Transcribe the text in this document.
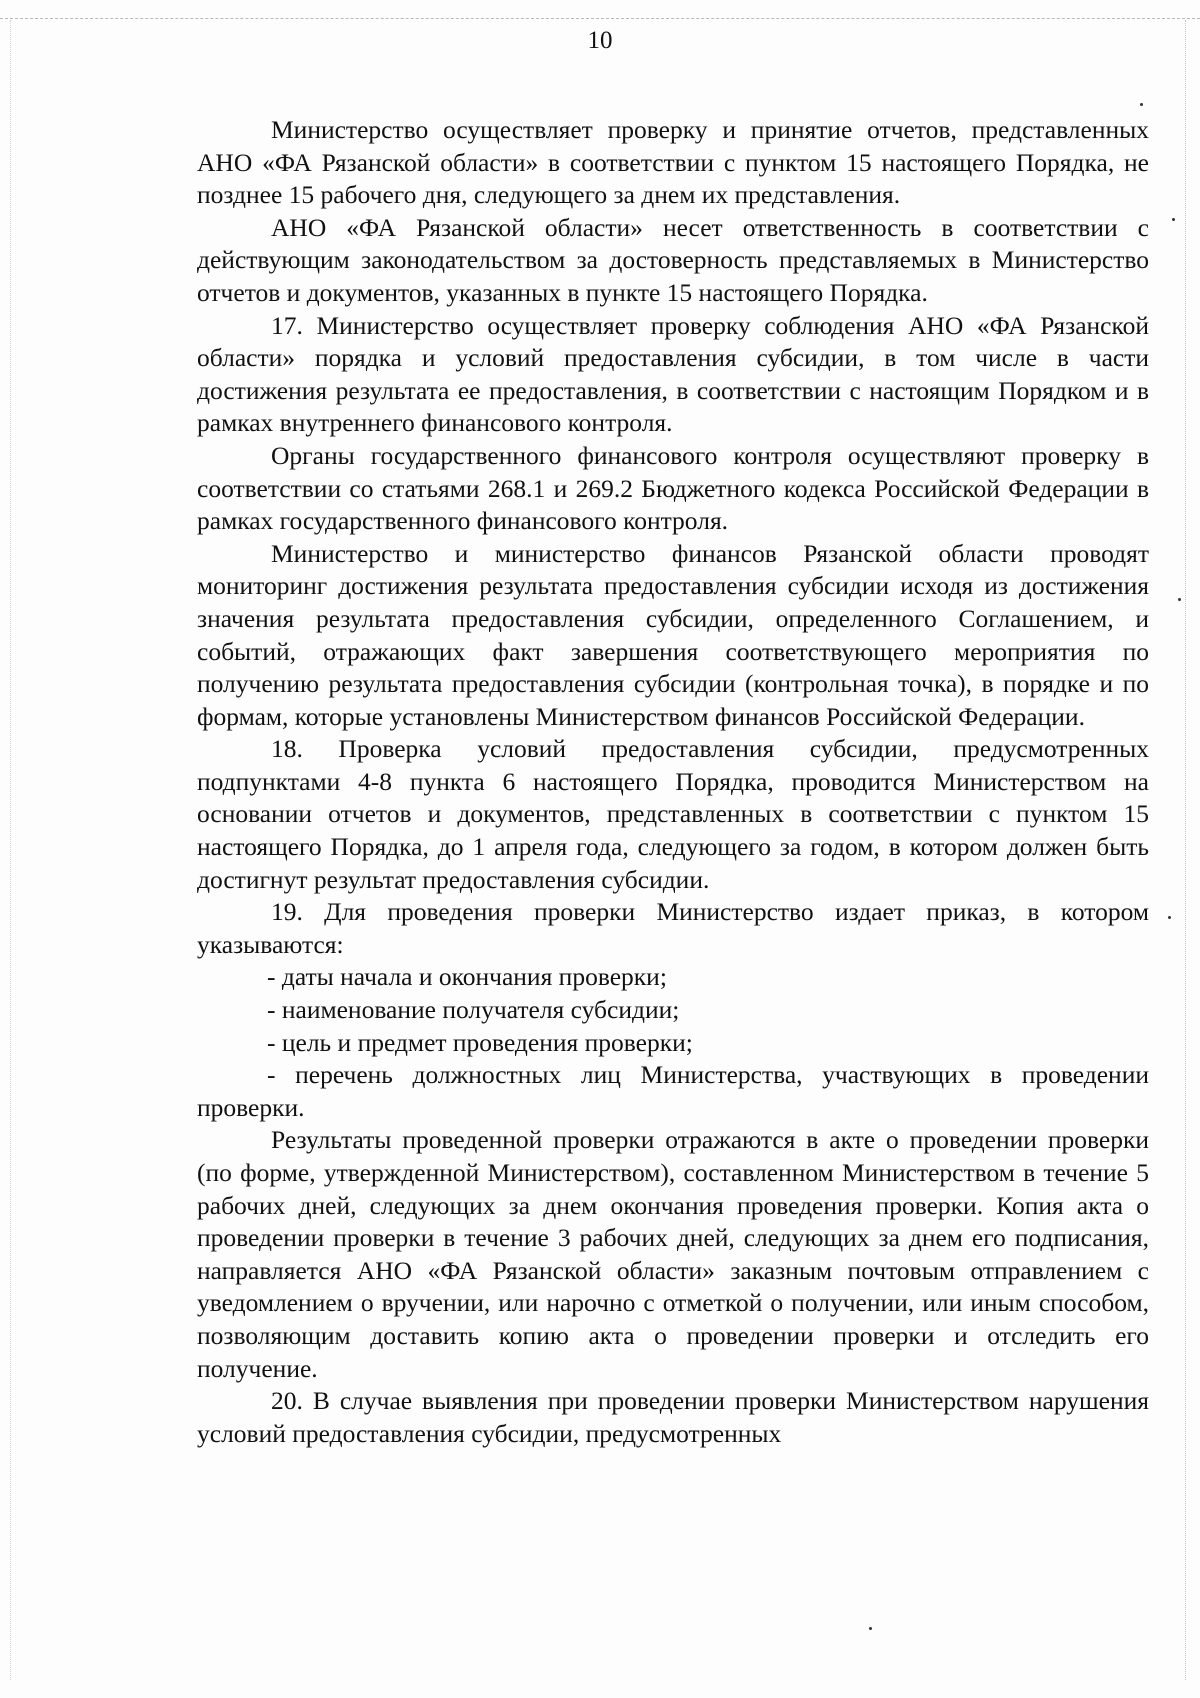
10

Министерство осуществляет проверку и принятие отчетов, представленных АНО «ФА Рязанской области» в соответствии с пунктом 15 настоящего Порядка, не позднее 15 рабочего дня, следующего за днем их представления.

АНО «ФА Рязанской области» несет ответственность в соответствии с действующим законодательством за достоверность представляемых в Министерство отчетов и документов, указанных в пункте 15 настоящего Порядка.

17. Министерство осуществляет проверку соблюдения АНО «ФА Рязанской области» порядка и условий предоставления субсидии, в том числе в части достижения результата ее предоставления, в соответствии с настоящим Порядком и в рамках внутреннего финансового контроля.

Органы государственного финансового контроля осуществляют проверку в соответствии со статьями 268.1 и 269.2 Бюджетного кодекса Российской Федерации в рамках государственного финансового контроля.

Министерство и министерство финансов Рязанской области проводят мониторинг достижения результата предоставления субсидии исходя из достижения значения результата предоставления субсидии, определенного Соглашением, и событий, отражающих факт завершения соответствующего мероприятия по получению результата предоставления субсидии (контрольная точка), в порядке и по формам, которые установлены Министерством финансов Российской Федерации.

18. Проверка условий предоставления субсидии, предусмотренных подпунктами 4-8 пункта 6 настоящего Порядка, проводится Министерством на основании отчетов и документов, представленных в соответствии с пунктом 15 настоящего Порядка, до 1 апреля года, следующего за годом, в котором должен быть достигнут результат предоставления субсидии.

19. Для проведения проверки Министерство издает приказ, в котором указываются:

- даты начала и окончания проверки;

- наименование получателя субсидии;

- цель и предмет проведения проверки;

- перечень должностных лиц Министерства, участвующих в проведении проверки.

Результаты проведенной проверки отражаются в акте о проведении проверки (по форме, утвержденной Министерством), составленном Министерством в течение 5 рабочих дней, следующих за днем окончания проведения проверки. Копия акта о проведении проверки в течение 3 рабочих дней, следующих за днем его подписания, направляется АНО «ФА Рязанской области» заказным почтовым отправлением с уведомлением о вручении, или нарочно с отметкой о получении, или иным способом, позволяющим доставить копию акта о проведении проверки и отследить его получение.

20. В случае выявления при проведении проверки Министерством нарушения условий предоставления субсидии, предусмотренных
